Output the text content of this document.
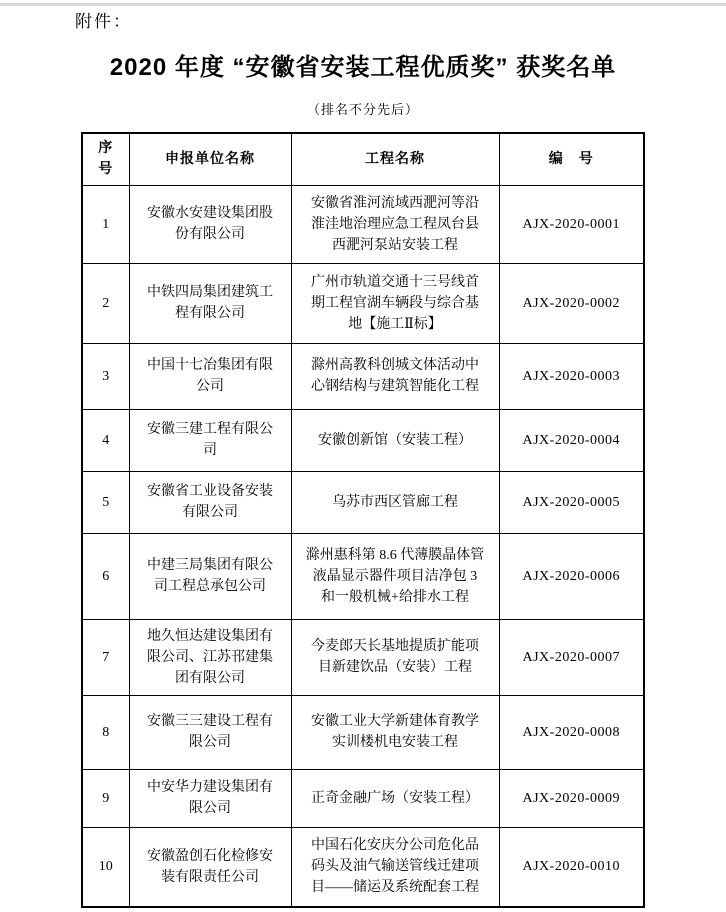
附件：
2020 年度 “安徽省安装工程优质奖” 获奖名单
（排名不分先后）
序号	申报单位名称	工程名称	编　号
1	安徽水安建设集团股份有限公司	安徽省淮河流域西淝河等沿淮洼地治理应急工程凤台县西淝河泵站安装工程	AJX-2020-0001
2	中铁四局集团建筑工程有限公司	广州市轨道交通十三号线首期工程官湖车辆段与综合基地【施工Ⅱ标】	AJX-2020-0002
3	中国十七冶集团有限公司	滁州高教科创城文体活动中心钢结构与建筑智能化工程	AJX-2020-0003
4	安徽三建工程有限公司	安徽创新馆（安装工程）	AJX-2020-0004
5	安徽省工业设备安装有限公司	乌苏市西区管廊工程	AJX-2020-0005
6	中建三局集团有限公司工程总承包公司	滁州惠科第 8.6 代薄膜晶体管液晶显示器件项目洁净包 3 和一般机械+给排水工程	AJX-2020-0006
7	地久恒达建设集团有限公司、江苏邗建集团有限公司	今麦郎天长基地提质扩能项目新建饮品（安装）工程	AJX-2020-0007
8	安徽三三建设工程有限公司	安徽工业大学新建体育教学实训楼机电安装工程	AJX-2020-0008
9	中安华力建设集团有限公司	正奇金融广场（安装工程）	AJX-2020-0009
10	安徽盈创石化检修安装有限责任公司	中国石化安庆分公司危化品码头及油气输送管线迁建项目——储运及系统配套工程	AJX-2020-0010
